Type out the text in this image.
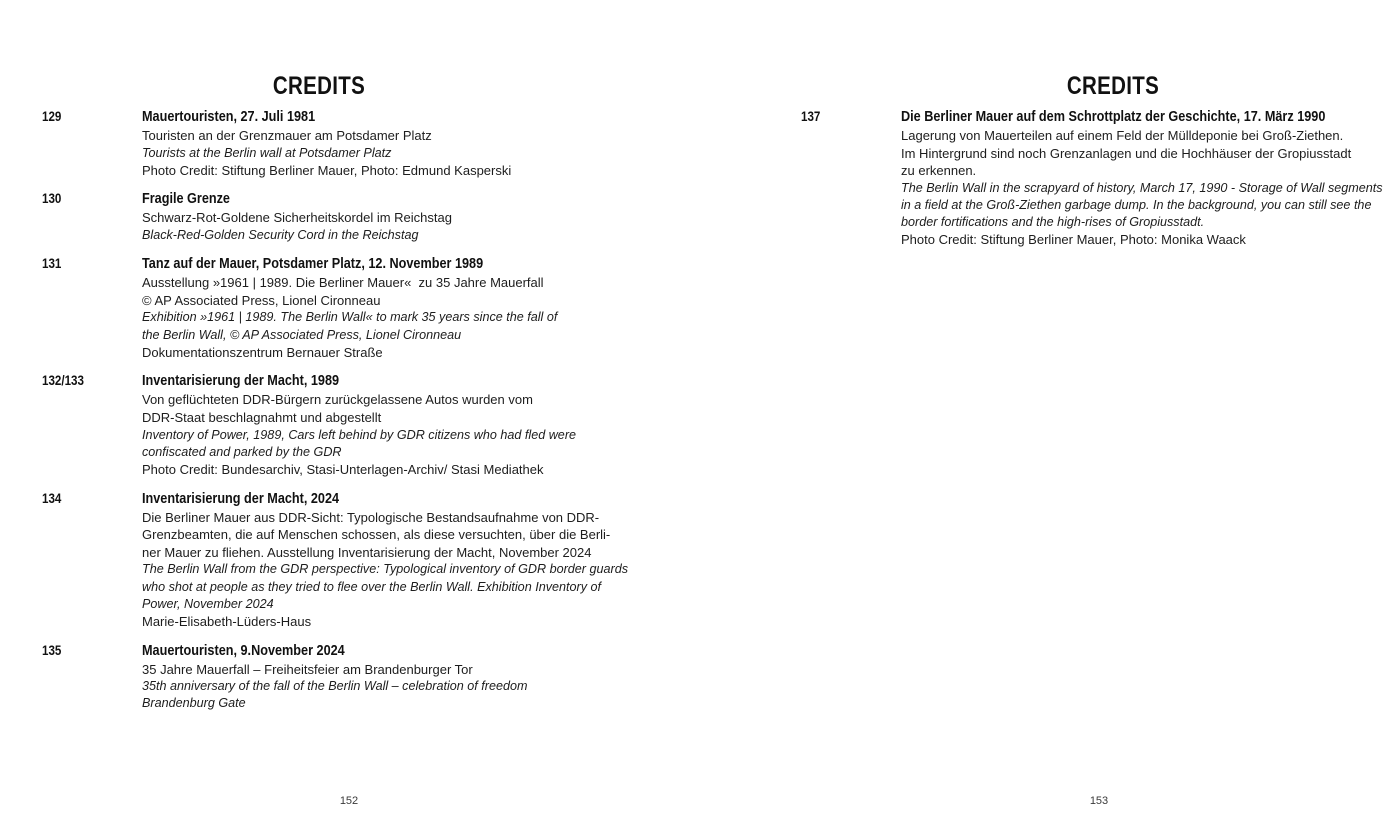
CREDITS
129	Mauertouristen, 27. Juli 1981
Touristen an der Grenzmauer am Potsdamer Platz
Tourists at the Berlin wall at Potsdamer Platz
Photo Credit: Stiftung Berliner Mauer, Photo: Edmund Kasperski
130	Fragile Grenze
Schwarz-Rot-Goldene Sicherheitskordel im Reichstag
Black-Red-Golden Security Cord in the Reichstag
131	Tanz auf der Mauer, Potsdamer Platz, 12. November 1989
Ausstellung »1961 | 1989. Die Berliner Mauer«  zu 35 Jahre Mauerfall
© AP Associated Press, Lionel Cironneau
Exhibition »1961 | 1989. The Berlin Wall« to mark 35 years since the fall of
the Berlin Wall, © AP Associated Press, Lionel Cironneau
Dokumentationszentrum Bernauer Straße
132/133	Inventarisierung der Macht, 1989
Von geflüchteten DDR-Bürgern zurückgelassene Autos wurden vom
DDR-Staat beschlagnahmt und abgestellt
Inventory of Power, 1989, Cars left behind by GDR citizens who had fled were
confiscated and parked by the GDR
Photo Credit: Bundesarchiv, Stasi-Unterlagen-Archiv/ Stasi Mediathek
134	Inventarisierung der Macht, 2024
Die Berliner Mauer aus DDR-Sicht: Typologische Bestandsaufnahme von DDR-
Grenzbeamten, die auf Menschen schossen, als diese versuchten, über die Berli-
ner Mauer zu fliehen. Ausstellung Inventarisierung der Macht, November 2024
The Berlin Wall from the GDR perspective: Typological inventory of GDR border guards
who shot at people as they tried to flee over the Berlin Wall. Exhibition Inventory of
Power, November 2024
Marie-Elisabeth-Lüders-Haus
135	Mauertouristen, 9.November 2024
35 Jahre Mauerfall – Freiheitsfeier am Brandenburger Tor
35th anniversary of the fall of the Berlin Wall – celebration of freedom
Brandenburg Gate
152
CREDITS
137	Die Berliner Mauer auf dem Schrottplatz der Geschichte, 17. März 1990
Lagerung von Mauerteilen auf einem Feld der Mülldeponie bei Groß-Ziethen.
Im Hintergrund sind noch Grenzanlagen und die Hochhäuser der Gropiusstadt
zu erkennen.
The Berlin Wall in the scrapyard of history, March 17, 1990 - Storage of Wall segments
in a field at the Groß-Ziethen garbage dump. In the background, you can still see the
border fortifications and the high-rises of Gropiusstadt.
Photo Credit: Stiftung Berliner Mauer, Photo: Monika Waack
153
